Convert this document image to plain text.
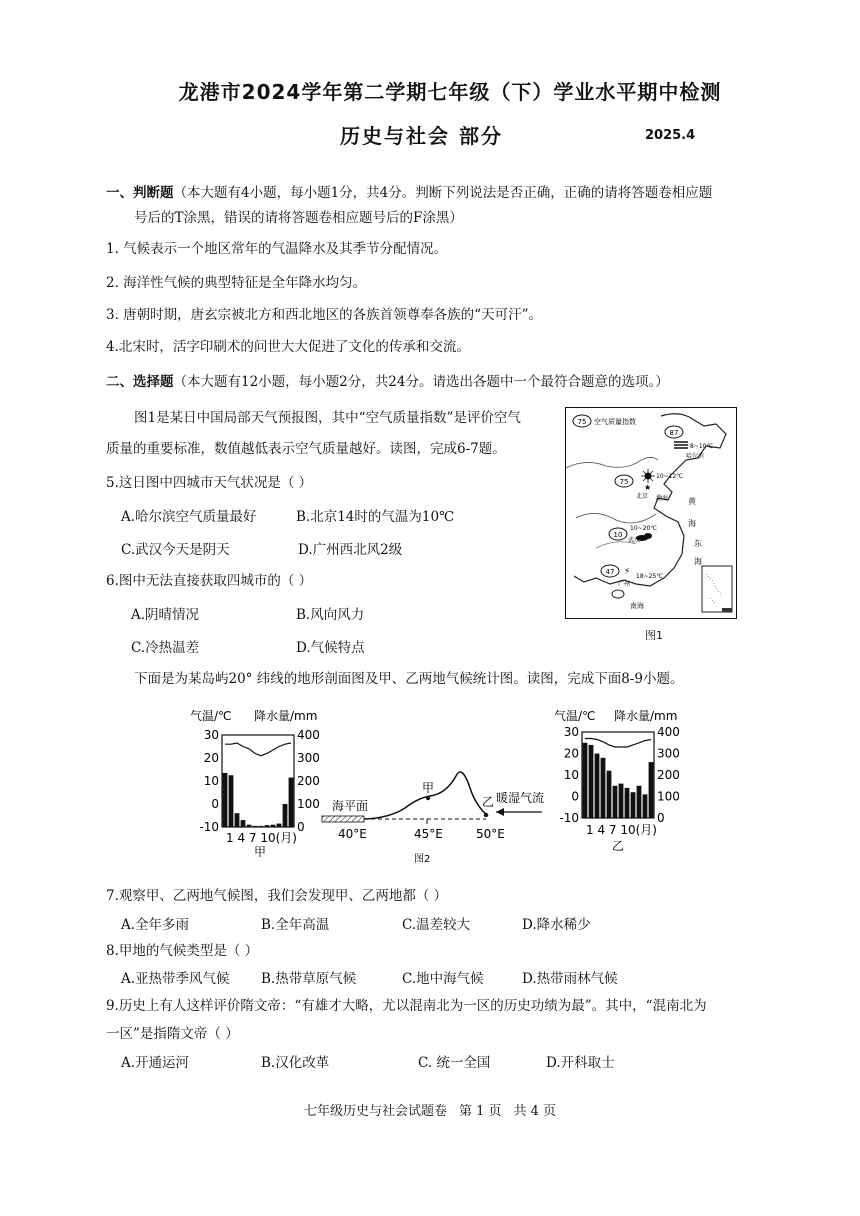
龙港市2024学年第二学期七年级（下）学业水平期中检测
历史与社会 部分	2025.4
一、判断题（本大题有4小题，每小题1分，共4分。判断下列说法是否正确，正确的请将答题卷相应题
号后的T涂黑，错误的请将答题卷相应题号后的F涂黑）
1. 气候表示一个地区常年的气温降水及其季节分配情况。
2. 海洋性气候的典型特征是全年降水均匀。
3. 唐朝时期，唐玄宗被北方和西北地区的各族首领尊奉各族的“天可汗”。
4.北宋时，活字印刷术的问世大大促进了文化的传承和交流。
二、选择题（本大题有12小题，每小题2分，共24分。请选出各题中一个最符合题意的选项。）
图1是某日中国局部天气预报图，其中“空气质量指数”是评价空气
质量的重要标准，数值越低表示空气质量越好。读图，完成6-7题。
5.这日图中四城市天气状况是（ ）
A.哈尔滨空气质量最好	B.北京14时的气温为10℃
C.武汉今天是阴天	D.广州西北风2级
6.图中无法直接获取四城市的（ ）
A.阴晴情况	B.风向风力
C.冷热温差	D.气候特点
75 空气质量指数
87
8~10℃
哈尔滨
10~12℃
75
★
北京 渤海 黄
海
东
海
10~20℃
10
武汉
47 ⚡ 18~25℃
广州
南海
图1
下面是为某岛屿20° 纬线的地形剖面图及甲、乙两地气候统计图。读图，完成下面8-9小题。
气温/℃ 降水量/mm
30
20
10
0
-10
400
300
200
100
0
1 4 7 10(月)
甲
海平面
甲
乙 暖湿气流
40°E	45°E	50°E
图2
气温/℃ 降水量/mm
30
20
10
0
-10
400
300
200
100
0
1 4 7 10(月)
乙
7.观察甲、乙两地气候图，我们会发现甲、乙两地都（ ）
A.全年多雨	B.全年高温	C.温差较大	D.降水稀少
8.甲地的气候类型是（ ）
A.亚热带季风气候 B.热带草原气候	C.地中海气候	D.热带雨林气候
9.历史上有人这样评价隋文帝：“有雄才大略，尤以混南北为一区的历史功绩为最”。其中，“混南北为
一区”是指隋文帝（ ）
A.开通运河	B.汉化改革	C. 统一全国	D.开科取士
七年级历史与社会试题卷 第 1 页 共 4 页
